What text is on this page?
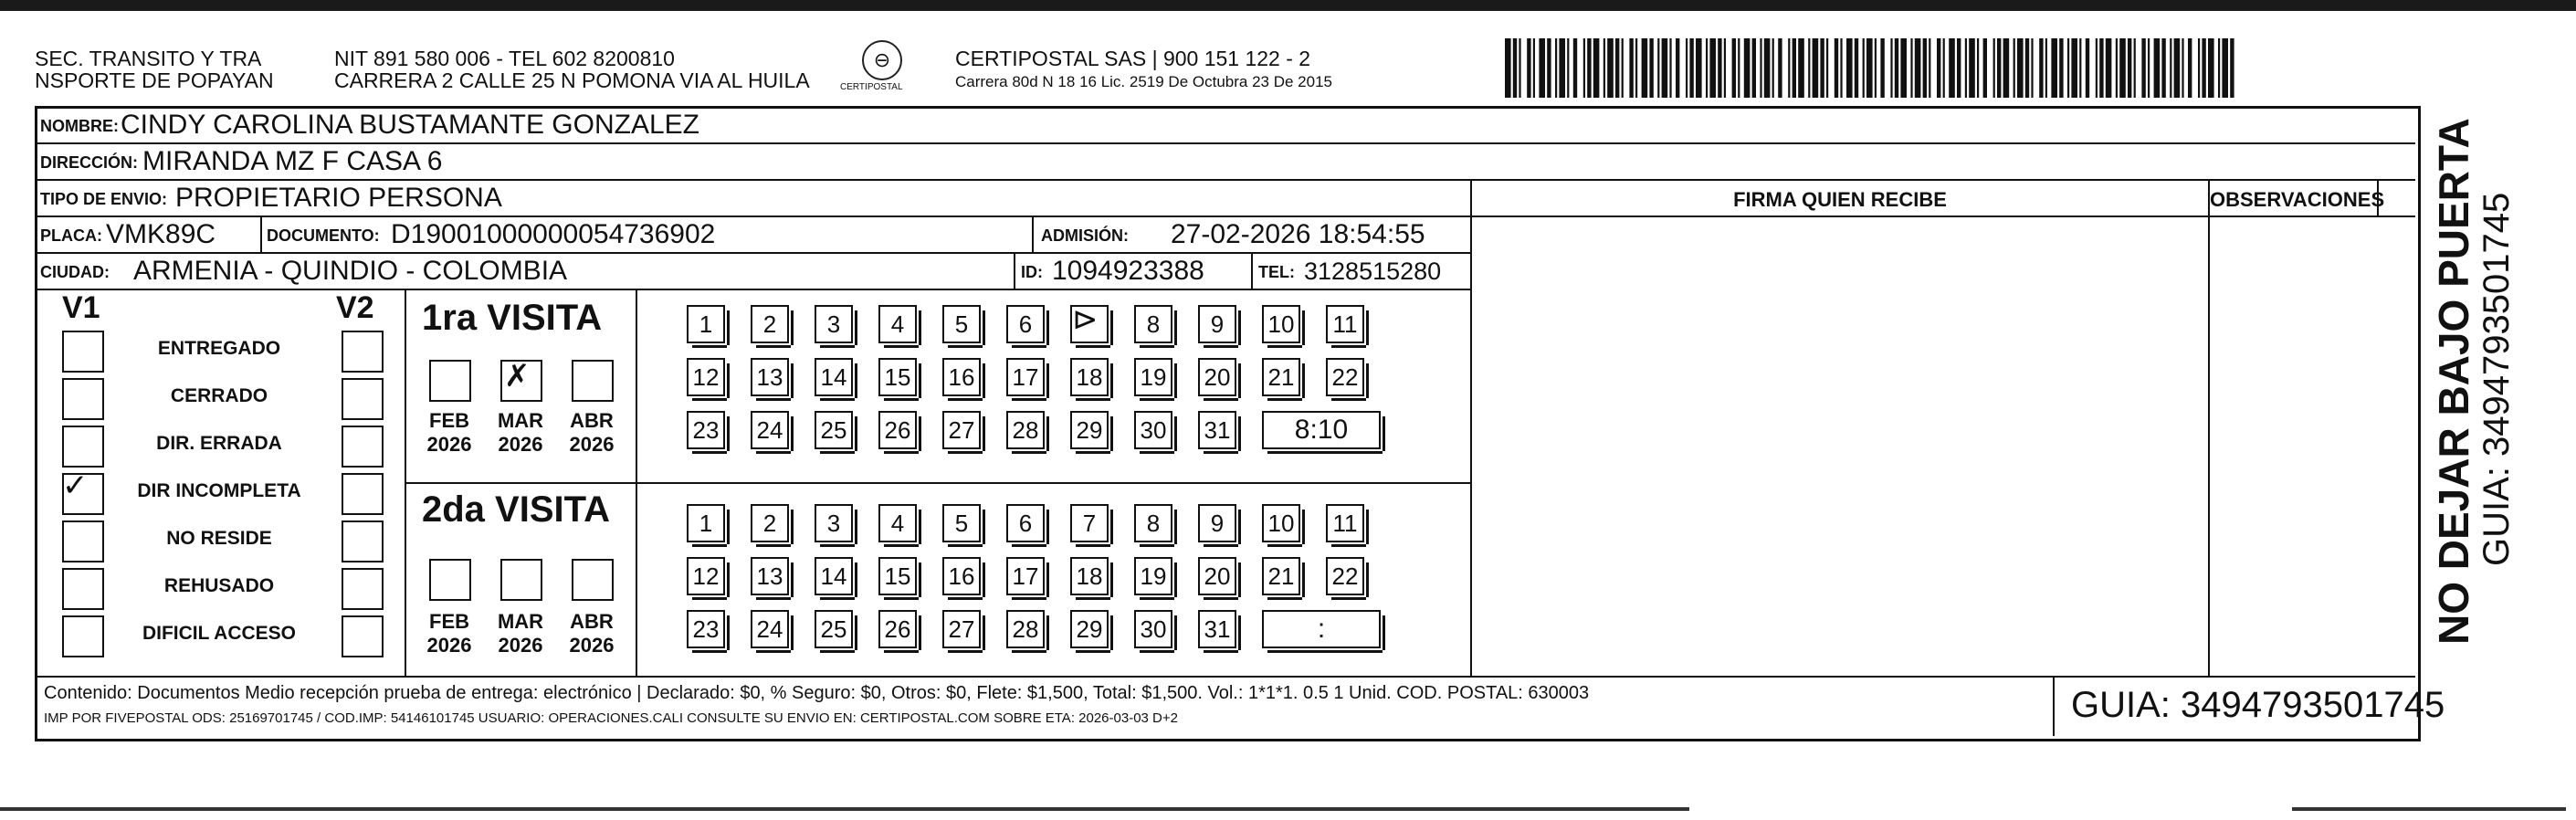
SEC. TRANSITO Y TRA
NSPORTE DE POPAYAN
NIT 891 580 006 - TEL 602 8200810
CARRERA 2 CALLE 25 N POMONA VIA AL HUILA
⊖
CERTIPOSTAL
CERTIPOSTAL SAS | 900 151 122 - 2
Carrera 80d N 18 16 Lic. 2519 De Octubra 23 De 2015
NOMBRE: CINDY CAROLINA BUSTAMANTE GONZALEZ
DIRECCIÓN: MIRANDA MZ F CASA 6
TIPO DE ENVIO: PROPIETARIO PERSONA	FIRMA QUIEN RECIBE	OBSERVACIONES
PLACA: VMK89C	DOCUMENTO: D19001000000054736902	ADMISIÓN: 27-02-2026 18:54:55
CIUDAD: ARMENIA - QUINDIO - COLOMBIA	ID: 1094923388	TEL: 3128515280
V1	V2 1ra VISITA
2da VISITA
Contenido: Documentos Medio recepción prueba de entrega: electrónico | Declarado: $0, % Seguro: $0, Otros: $0, Flete: $1,500, Total: $1,500. Vol.: 1*1*1. 0.5 1 Unid. COD. POSTAL: 630003
IMP POR FIVEPOSTAL ODS: 25169701745 / COD.IMP: 54146101745 USUARIO: OPERACIONES.CALI CONSULTE SU ENVIO EN: CERTIPOSTAL.COM SOBRE ETA: 2026-03-03 D+2	GUIA: 3494793501745
NO DEJAR BAJO PUERTA GUIA: 3494793501745
ENTREGADO
CERRADO
DIR. ERRADA
DIR INCOMPLETA
✓
NO RESIDE
REHUSADO
DIFICIL ACCESO
FEB
2026
✗
MAR
2026
ABR
2026
FEB
2026
MAR
2026
ABR
2026
1	2	3	4	5	6	⊳	8	9	10 11
12 13 14 15 16 17 18 19 20 21 22
23 24 25 26 27 28 29 30 31	8:10
1	2	3	4	5	6	7	8	9	10 11
12 13 14 15 16 17 18 19 20 21 22
23 24 25 26 27 28 29 30 31	:
